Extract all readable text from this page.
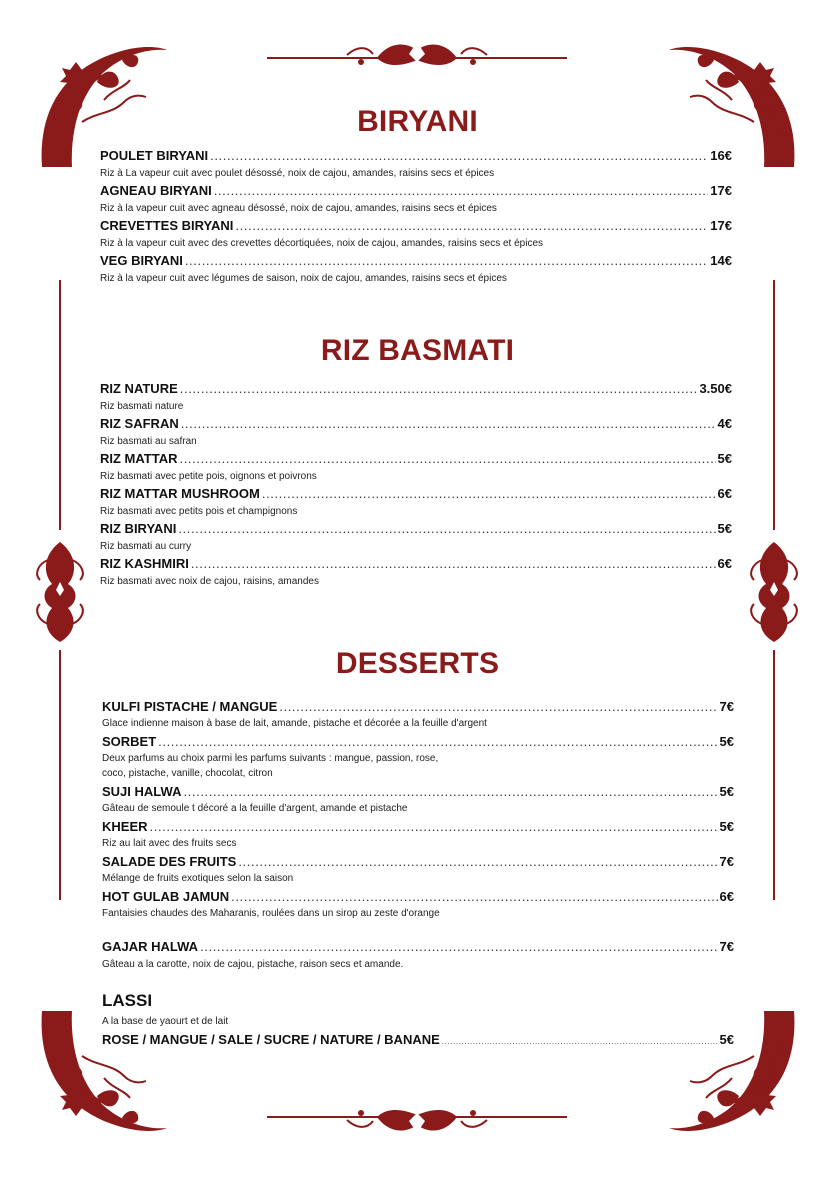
BIRYANI
POULET BIRYANI .....	16€
Riz à La vapeur cuit avec poulet désossé, noix de cajou, amandes, raisins secs et épices
AGNEAU BIRYANI .....	17€
Riz à la vapeur cuit avec agneau désossé, noix de cajou, amandes, raisins secs et épices
CREVETTES BIRYANI .....	17€
Riz à la vapeur cuit avec des crevettes décortiquées, noix de cajou, amandes, raisins secs et épices
VEG BIRYANI .....	14€
Riz à la vapeur cuit avec légumes de saison, noix de cajou, amandes, raisins secs et épices
RIZ BASMATI
RIZ NATURE .....	3.50€
Riz basmati nature
RIZ SAFRAN .....	4€
Riz basmati au safran
RIZ MATTAR .....	5€
Riz basmati avec petite pois, oignons et poivrons
RIZ MATTAR MUSHROOM .....	6€
Riz basmati avec petits pois et champignons
RIZ BIRYANI .....	5€
Riz basmati au curry
RIZ KASHMIRI .....	6€
Riz basmati avec noix de cajou, raisins, amandes
DESSERTS
KULFI PISTACHE / MANGUE .....	7€
Glace indienne maison à base de lait, amande, pistache et décorée a la feuille d'argent
SORBET .....	5€
Deux parfums au choix parmi les parfums suivants : mangue, passion, rose,
coco, pistache, vanille, chocolat, citron
SUJI HALWA .....	5€
Gâteau de semoule t décoré a la feuille d'argent, amande et pistache
KHEER .....	5€
Riz au lait avec des fruits secs
SALADE DES FRUITS .....	7€
Mélange de fruits exotiques selon la saison
HOT GULAB JAMUN .....	6€
Fantaisies chaudes des Maharanis, roulées dans un sirop au zeste d'orange
GAJAR HALWA .....	7€
Gâteau a la carotte, noix de cajou, pistache, raison secs et amande.
LASSI
A la base de yaourt et de lait
ROSE / MANGUE / SALE / SUCRE / NATURE / BANANE .....	5€
